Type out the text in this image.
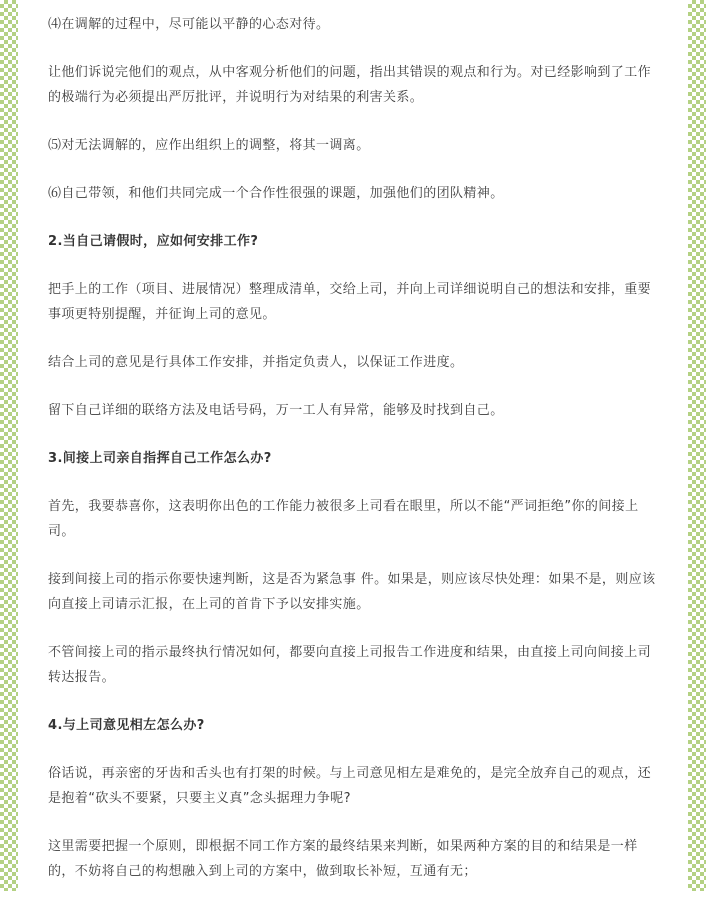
⑷在调解的过程中，尽可能以平静的心态对待。

让他们诉说完他们的观点，从中客观分析他们的问题，指出其错误的观点和行为。对已经影响到了工作的极端行为必须提出严厉批评，并说明行为对结果的利害关系。

⑸对无法调解的，应作出组织上的调整，将其一调离。

⑹自己带领，和他们共同完成一个合作性很强的课题，加强他们的团队精神。

2.当自己请假时，应如何安排工作?

把手上的工作（项目、进展情况）整理成清单，交给上司，并向上司详细说明自己的想法和安排，重要事项更特别提醒，并征询上司的意见。

结合上司的意见是行具体工作安排，并指定负责人，以保证工作进度。

留下自己详细的联络方法及电话号码，万一工人有异常，能够及时找到自己。

3.间接上司亲自指挥自己工作怎么办?

首先，我要恭喜你，这表明你出色的工作能力被很多上司看在眼里，所以不能“严词拒绝”你的间接上司。

接到间接上司的指示你要快速判断，这是否为紧急事 件。如果是，则应该尽快处理：如果不是，则应该向直接上司请示汇报，在上司的首肯下予以安排实施。

不管间接上司的指示最终执行情况如何，都要向直接上司报告工作进度和结果，由直接上司向间接上司转达报告。

4.与上司意见相左怎么办?

俗话说，再亲密的牙齿和舌头也有打架的时候。与上司意见相左是难免的，是完全放弃自己的观点，还是抱着“砍头不要紧，只要主义真”念头据理力争呢?

这里需要把握一个原则，即根据不同工作方案的最终结果来判断，如果两种方案的目的和结果是一样的，不妨将自己的构想融入到上司的方案中，做到取长补短，互通有无；
